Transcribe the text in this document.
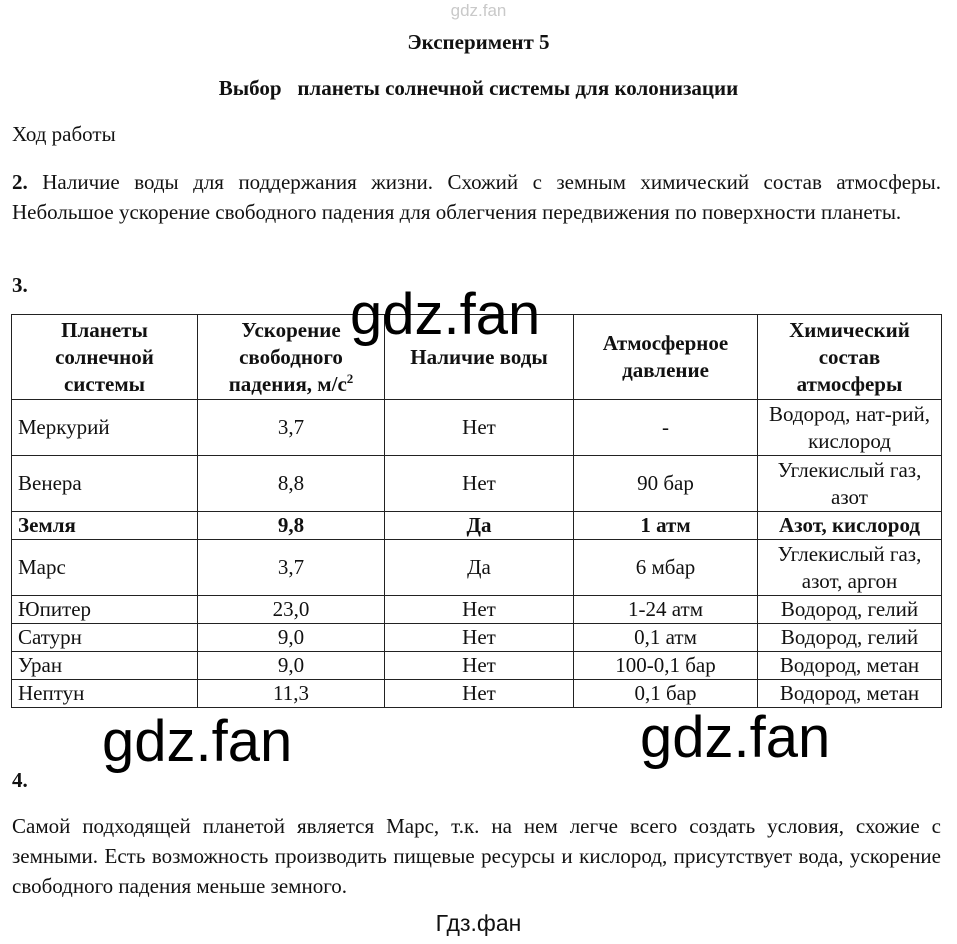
gdz.fan
Эксперимент 5
Выбор   планеты солнечной системы для колонизации
Ход работы
2. Наличие воды для поддержания жизни. Схожий с земным химический состав атмосферы. Небольшое ускорение свободного падения для облегчения передвижения по поверхности планеты.
3.
Планеты солнечной системы	Ускорение свободного падения, $м/с^2$	Наличие воды	Атмосферное давление	Химический состав атмосферы
Меркурий	3,7	Нет	-	Водород, нат-рий, кислород
Венера	8,8	Нет	90 бар	Углекислый газ, азот
Земля	9,8	Да	1 атм	Азот, кислород
Марс	3,7	Да	6 мбар	Углекислый газ, азот, аргон
Юпитер	23,0	Нет	1-24 атм	Водород, гелий
Сатурн	9,0	Нет	0,1 атм	Водород, гелий
Уран	9,0	Нет	100-0,1 бар	Водород, метан
Нептун	11,3	Нет	0,1 бар	Водород, метан
gdz.fan
gdz.fan	gdz.fan
4.
Самой подходящей планетой является Марс, т.к. на нем легче всего создать условия, схожие с земными. Есть возможность производить пищевые ресурсы и кислород, присутствует вода, ускорение свободного падения меньше земного.
Гдз.фан
